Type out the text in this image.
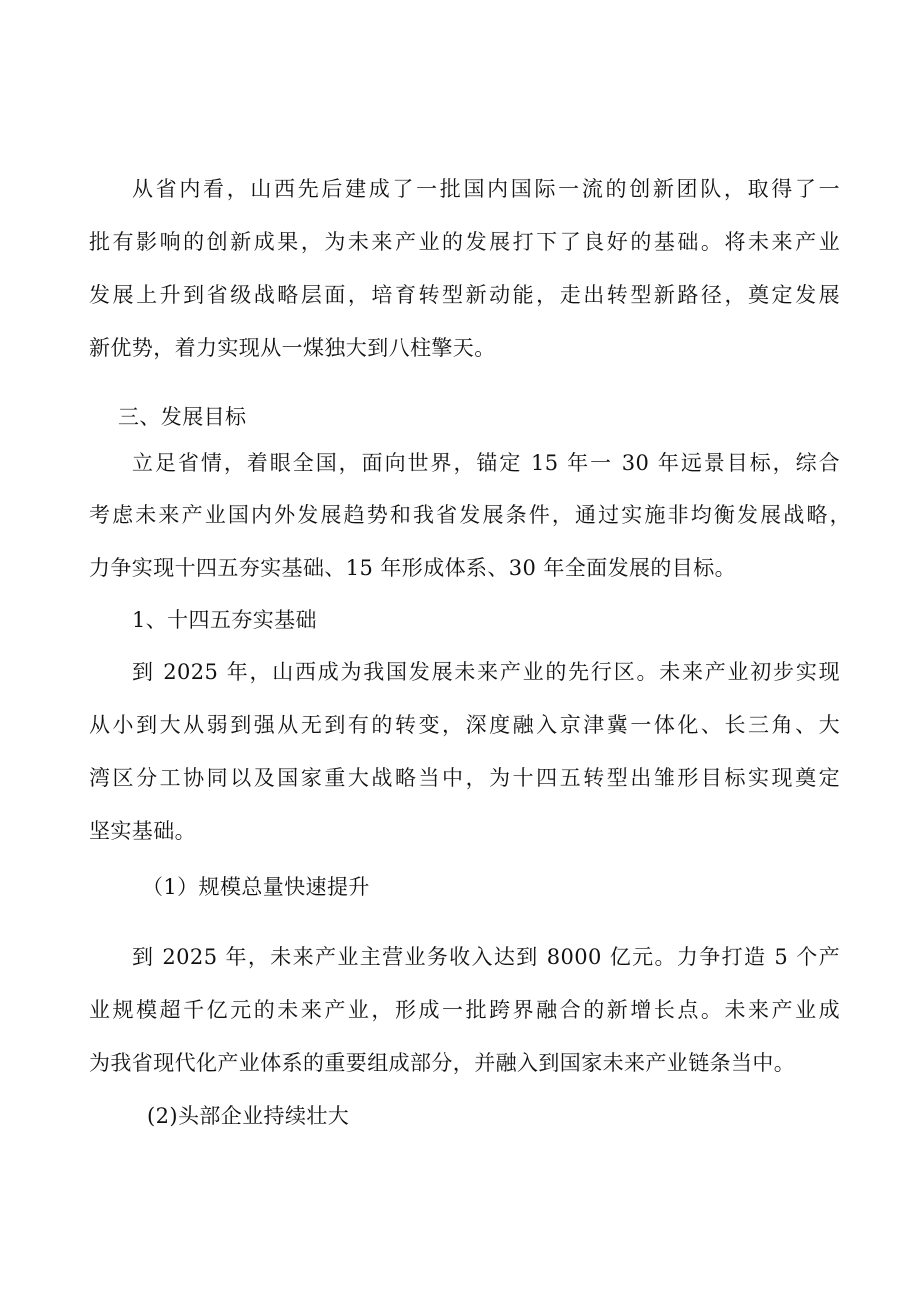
从省内看，山西先后建成了一批国内国际一流的创新团队，取得了一
批有影响的创新成果，为未来产业的发展打下了良好的基础。将未来产业
发展上升到省级战略层面，培育转型新动能，走出转型新路径，奠定发展
新优势，着力实现从一煤独大到八柱擎天。
三、发展目标
立足省情，着眼全国，面向世界，锚定 15 年一 30 年远景目标，综合
考虑未来产业国内外发展趋势和我省发展条件，通过实施非均衡发展战略，
力争实现十四五夯实基础、15 年形成体系、30 年全面发展的目标。
1、十四五夯实基础
到 2025 年，山西成为我国发展未来产业的先行区。未来产业初步实现
从小到大从弱到强从无到有的转变，深度融入京津冀一体化、长三角、大
湾区分工协同以及国家重大战略当中，为十四五转型出雏形目标实现奠定
坚实基础。
（1）规模总量快速提升
到 2025 年，未来产业主营业务收入达到 8000 亿元。力争打造 5 个产
业规模超千亿元的未来产业，形成一批跨界融合的新增长点。未来产业成
为我省现代化产业体系的重要组成部分，并融入到国家未来产业链条当中。
(2)头部企业持续壮大
